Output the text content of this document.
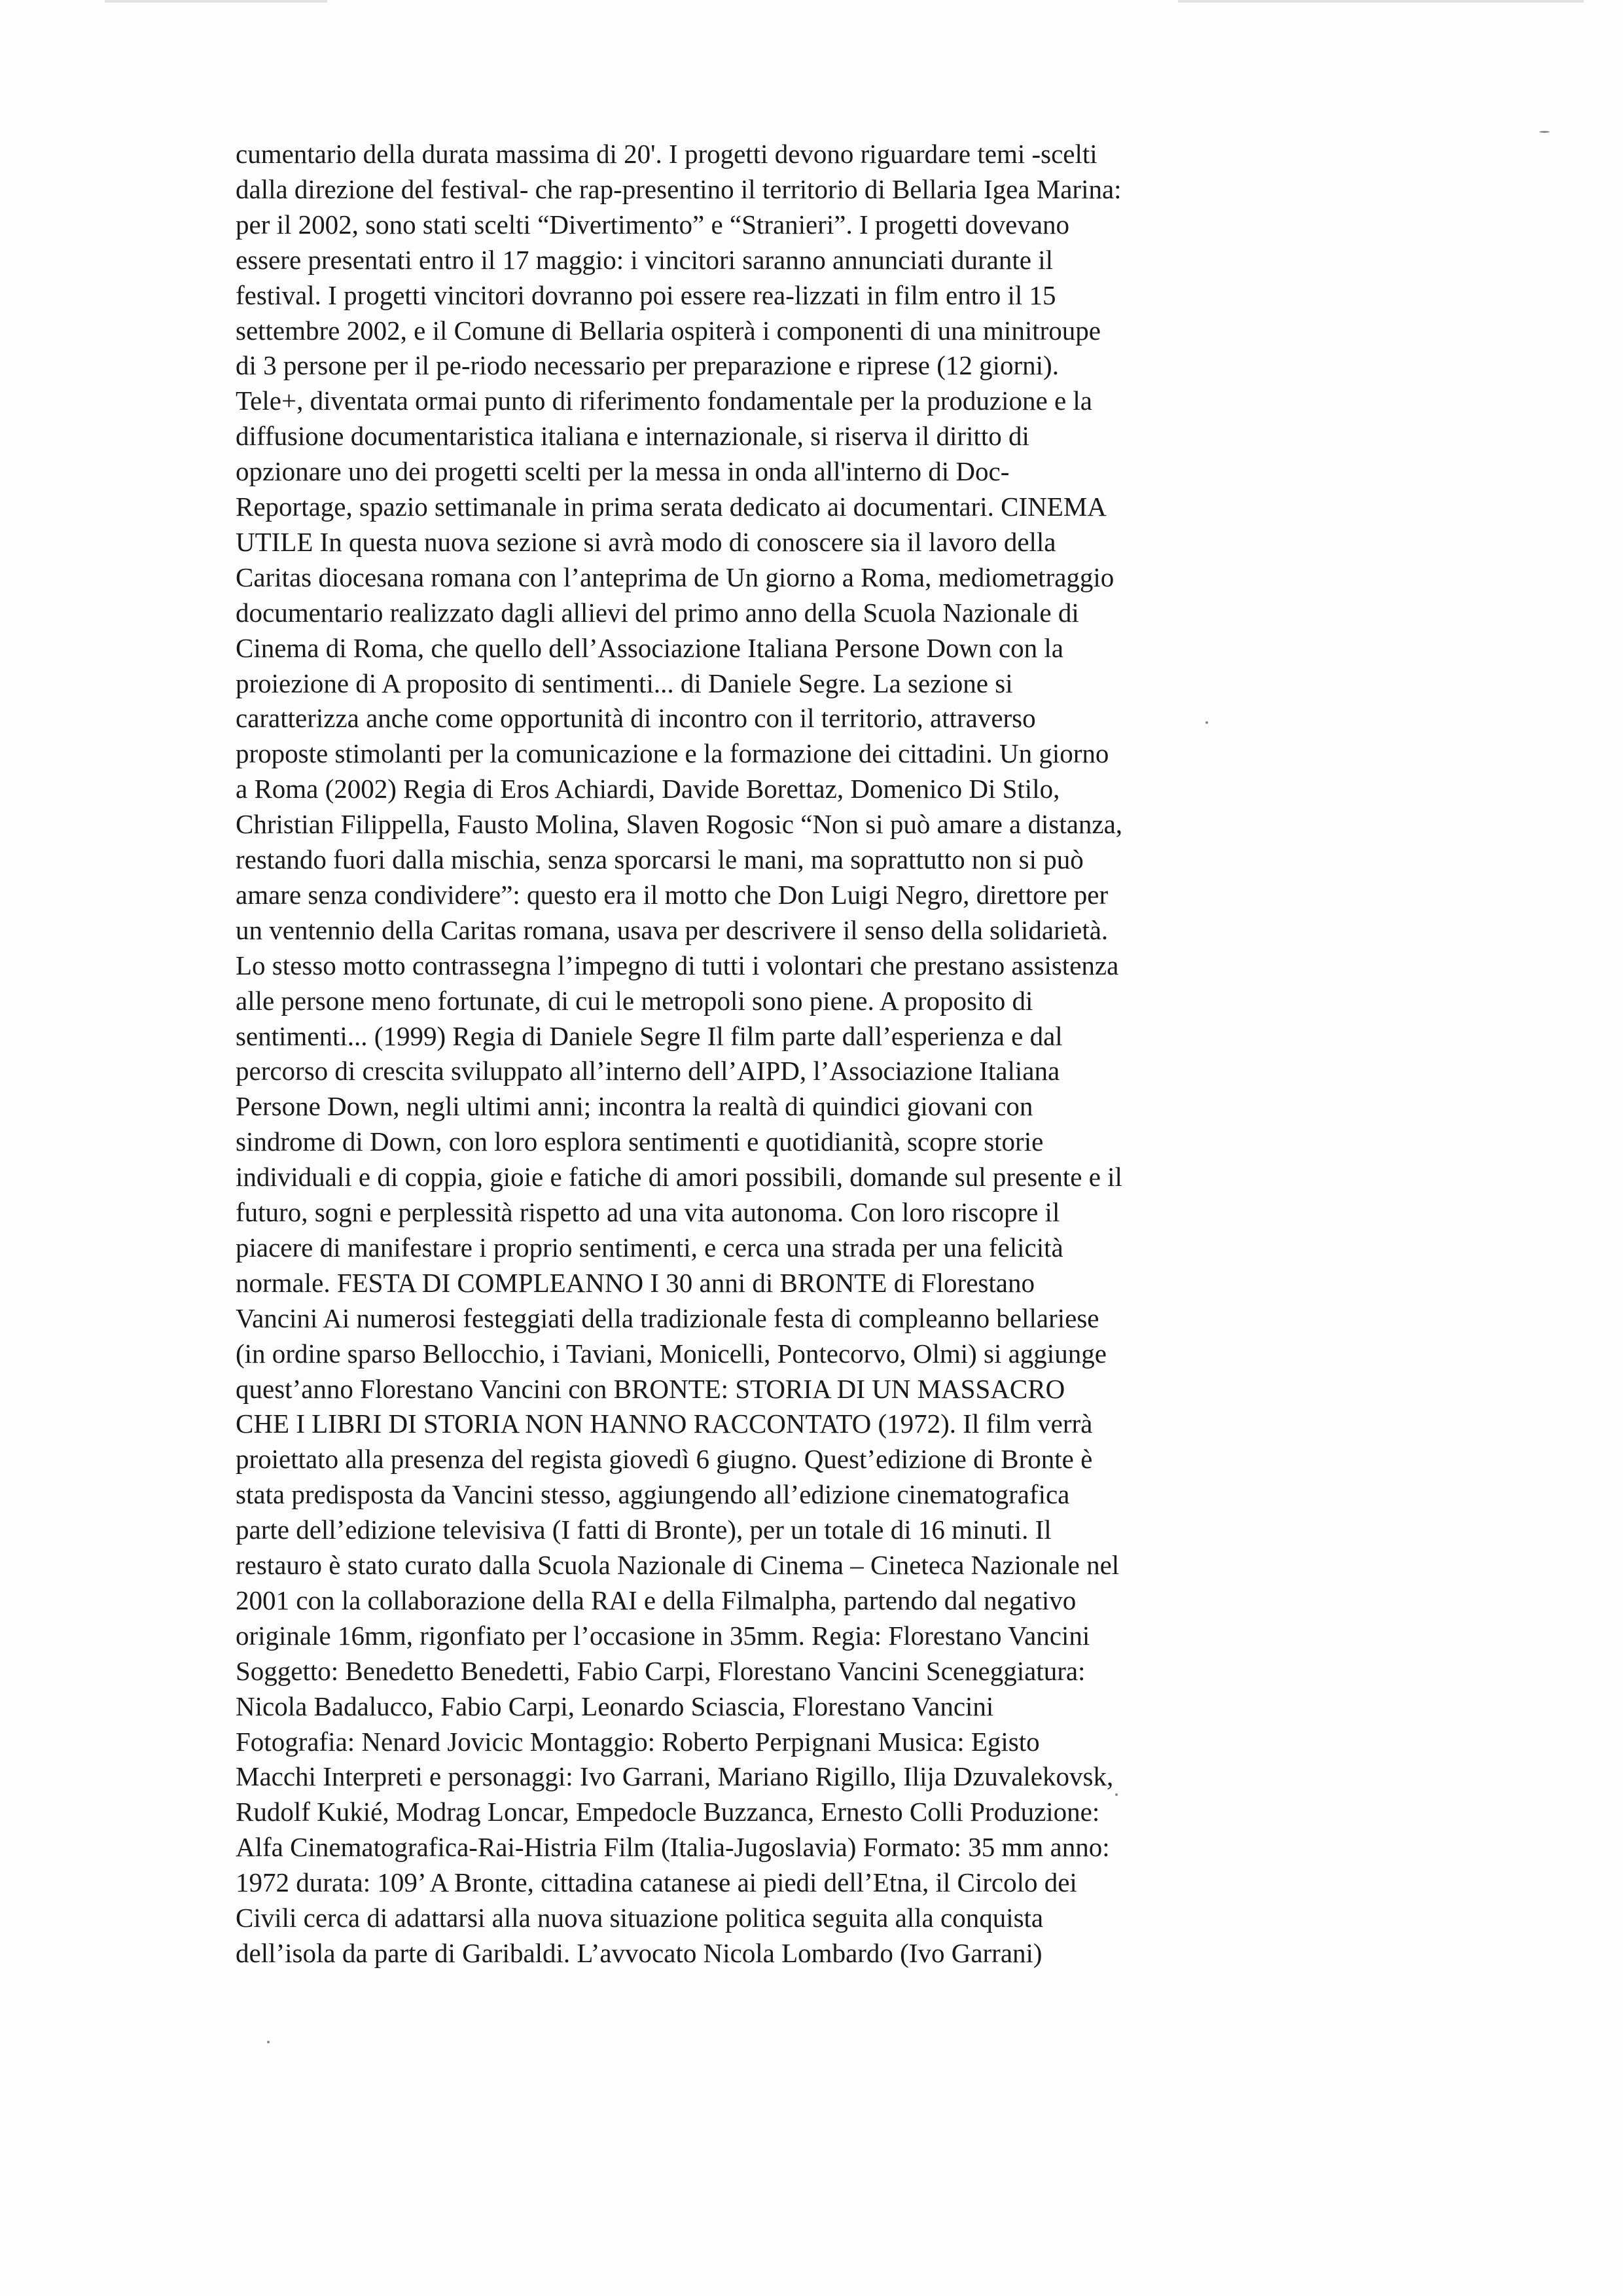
cumentario della durata massima di 20'. I progetti devono riguardare temi -scelti
dalla direzione del festival- che rap-presentino il territorio di Bellaria Igea Marina:
per il 2002, sono stati scelti “Divertimento” e “Stranieri”. I progetti dovevano
essere presentati entro il 17 maggio: i vincitori saranno annunciati durante il
festival. I progetti vincitori dovranno poi essere rea-lizzati in film entro il 15
settembre 2002, e il Comune di Bellaria ospiterà i componenti di una minitroupe
di 3 persone per il pe-riodo necessario per preparazione e riprese (12 giorni).
Tele+, diventata ormai punto di riferimento fondamentale per la produzione e la
diffusione documentaristica italiana e internazionale, si riserva il diritto di
opzionare uno dei progetti scelti per la messa in onda all'interno di Doc-
Reportage, spazio settimanale in prima serata dedicato ai documentari. CINEMA
UTILE In questa nuova sezione si avrà modo di conoscere sia il lavoro della
Caritas diocesana romana con l’anteprima de Un giorno a Roma, mediometraggio
documentario realizzato dagli allievi del primo anno della Scuola Nazionale di
Cinema di Roma, che quello dell’Associazione Italiana Persone Down con la
proiezione di A proposito di sentimenti... di Daniele Segre. La sezione si
caratterizza anche come opportunità di incontro con il territorio, attraverso
proposte stimolanti per la comunicazione e la formazione dei cittadini. Un giorno
a Roma (2002) Regia di Eros Achiardi, Davide Borettaz, Domenico Di Stilo,
Christian Filippella, Fausto Molina, Slaven Rogosic “Non si può amare a distanza,
restando fuori dalla mischia, senza sporcarsi le mani, ma soprattutto non si può
amare senza condividere”: questo era il motto che Don Luigi Negro, direttore per
un ventennio della Caritas romana, usava per descrivere il senso della solidarietà.
Lo stesso motto contrassegna l’impegno di tutti i volontari che prestano assistenza
alle persone meno fortunate, di cui le metropoli sono piene. A proposito di
sentimenti... (1999) Regia di Daniele Segre Il film parte dall’esperienza e dal
percorso di crescita sviluppato all’interno dell’AIPD, l’Associazione Italiana
Persone Down, negli ultimi anni; incontra la realtà di quindici giovani con
sindrome di Down, con loro esplora sentimenti e quotidianità, scopre storie
individuali e di coppia, gioie e fatiche di amori possibili, domande sul presente e il
futuro, sogni e perplessità rispetto ad una vita autonoma. Con loro riscopre il
piacere di manifestare i proprio sentimenti, e cerca una strada per una felicità
normale. FESTA DI COMPLEANNO I 30 anni di BRONTE di Florestano
Vancini Ai numerosi festeggiati della tradizionale festa di compleanno bellariese
(in ordine sparso Bellocchio, i Taviani, Monicelli, Pontecorvo, Olmi) si aggiunge
quest’anno Florestano Vancini con BRONTE: STORIA DI UN MASSACRO
CHE I LIBRI DI STORIA NON HANNO RACCONTATO (1972). Il film verrà
proiettato alla presenza del regista giovedì 6 giugno. Quest’edizione di Bronte è
stata predisposta da Vancini stesso, aggiungendo all’edizione cinematografica
parte dell’edizione televisiva (I fatti di Bronte), per un totale di 16 minuti. Il
restauro è stato curato dalla Scuola Nazionale di Cinema – Cineteca Nazionale nel
2001 con la collaborazione della RAI e della Filmalpha, partendo dal negativo
originale 16mm, rigonfiato per l’occasione in 35mm. Regia: Florestano Vancini
Soggetto: Benedetto Benedetti, Fabio Carpi, Florestano Vancini Sceneggiatura:
Nicola Badalucco, Fabio Carpi, Leonardo Sciascia, Florestano Vancini
Fotografia: Nenard Jovicic Montaggio: Roberto Perpignani Musica: Egisto
Macchi Interpreti e personaggi: Ivo Garrani, Mariano Rigillo, Ilija Dzuvalekovsk,
Rudolf Kukié, Modrag Loncar, Empedocle Buzzanca, Ernesto Colli Produzione:
Alfa Cinematografica-Rai-Histria Film (Italia-Jugoslavia) Formato: 35 mm anno:
1972 durata: 109’ A Bronte, cittadina catanese ai piedi dell’Etna, il Circolo dei
Civili cerca di adattarsi alla nuova situazione politica seguita alla conquista
dell’isola da parte di Garibaldi. L’avvocato Nicola Lombardo (Ivo Garrani)
